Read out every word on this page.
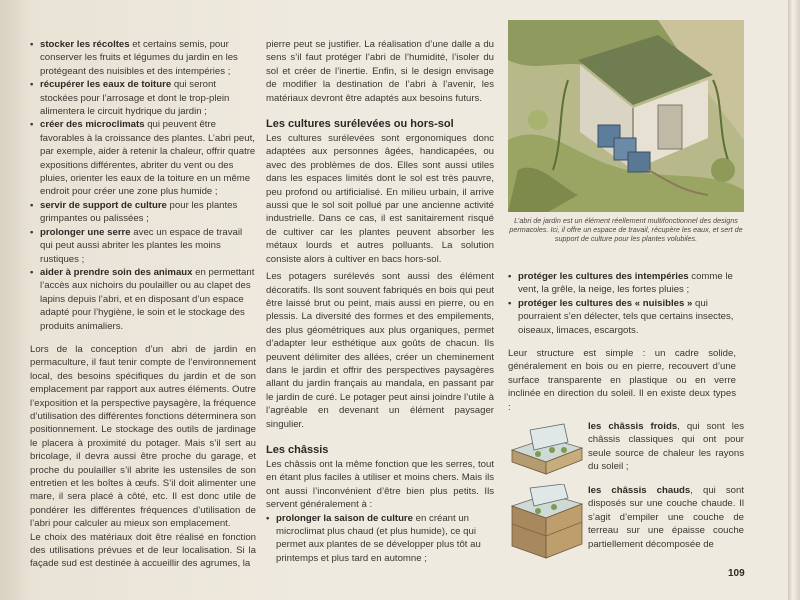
• stocker les récoltes et certains semis, pour conserver les fruits et légumes du jardin en les protégeant des nuisibles et des intempéries ;
• récupérer les eaux de toiture qui seront stockées pour l’arrosage et dont le trop-plein alimentera le circuit hydrique du jardin ;
• créer des microclimats qui peuvent être favorables à la croissance des plantes. L’abri peut, par exemple, aider à retenir la chaleur, offrir quatre expositions différentes, abriter du vent ou des pluies, orienter les eaux de la toiture en un même endroit pour créer une zone plus humide ;
• servir de support de culture pour les plantes grimpantes ou palissées ;
• prolonger une serre avec un espace de travail qui peut aussi abriter les plantes les moins rustiques ;
• aider à prendre soin des animaux en permettant l’accès aux nichoirs du poulailler ou au clapet des lapins depuis l’abri, et en disposant d’un espace adapté pour l’hygiène, le soin et le stockage des produits animaliers.

Lors de la conception d’un abri de jardin en permaculture, il faut tenir compte de l’environnement local, des besoins spécifiques du jardin et de son emplacement par rapport aux autres éléments. Outre l’exposition et la perspective paysagère, la fréquence d’utilisation des différentes fonctions déterminera son positionnement. Le stockage des outils de jardinage le placera à proximité du potager. Mais s’il sert au bricolage, il devra aussi être proche du garage, et proche du poulailler s’il abrite les ustensiles de son entretien et les boîtes à œufs. S’il doit alimenter une mare, il sera placé à côté, etc. Il est donc utile de pondérer les différentes fréquences d’utilisation de l’abri pour calculer au mieux son emplacement.

Le choix des matériaux doit être réalisé en fonction des utilisations prévues et de leur localisation. Si la façade sud est destinée à accueillir des agrumes, la

pierre peut se justifier. La réalisation d’une dalle a du sens s’il faut protéger l’abri de l’humidité, l’isoler du sol et créer de l’inertie. Enfin, si le design envisage de modifier la destination de l’abri à l’avenir, les matériaux devront être adaptés aux besoins futurs.

Les cultures surélevées ou hors-sol

Les cultures surélevées sont ergonomiques donc adaptées aux personnes âgées, handicapées, ou avec des problèmes de dos. Elles sont aussi utiles dans les espaces limités dont le sol est très pauvre, peu profond ou artificialisé. En milieu urbain, il arrive aussi que le sol soit pollué par une ancienne activité industrielle. Dans ce cas, il est sanitairement risqué de cultiver car les plantes peuvent absorber les métaux lourds et autres polluants. La solution consiste alors à cultiver en bacs hors-sol.

Les potagers surélevés sont aussi des élément décoratifs. Ils sont souvent fabriqués en bois qui peut être laissé brut ou peint, mais aussi en pierre, ou en plessis. La diversité des formes et des empilements, des plus géométriques aux plus organiques, permet d’adapter leur esthétique aux goûts de chacun. Ils peuvent délimiter des allées, créer un cheminement dans le jardin et offrir des perspectives paysagères allant du jardin français au mandala, en passant par le jardin de curé. Le potager peut ainsi joindre l’utile à l’agréable en devenant un élément paysager singulier.

Les châssis

Les châssis ont la même fonction que les serres, tout en étant plus faciles à utiliser et moins chers. Mais ils ont aussi l’inconvénient d’être bien plus petits. Ils servent généralement à :

• prolonger la saison de culture en créant un microclimat plus chaud (et plus humide), ce qui permet aux plantes de se développer plus tôt au printemps et plus tard en automne ;
L’abri de jardin est un élément réellement multifonctionnel des designs permacoles. Ici, il offre un espace de travail, récupère les eaux, et sert de support de culture pour les plantes volubiles.
• protéger les cultures des intempéries comme le vent, la grêle, la neige, les fortes pluies ;
• protéger les cultures des « nuisibles » qui pourraient s’en délecter, tels que certains insectes, oiseaux, limaces, escargots.

Leur structure est simple : un cadre solide, généralement en bois ou en pierre, recouvert d’une surface transparente en plastique ou en verre inclinée en direction du soleil. Il en existe deux types :

les châssis froids, qui sont les châssis classiques qui ont pour seule source de chaleur les rayons du soleil ;
les châssis chauds, qui sont disposés sur une couche chaude. Il s’agit d’empiler une couche de terreau sur une épaisse couche partiellement décomposée de
109
